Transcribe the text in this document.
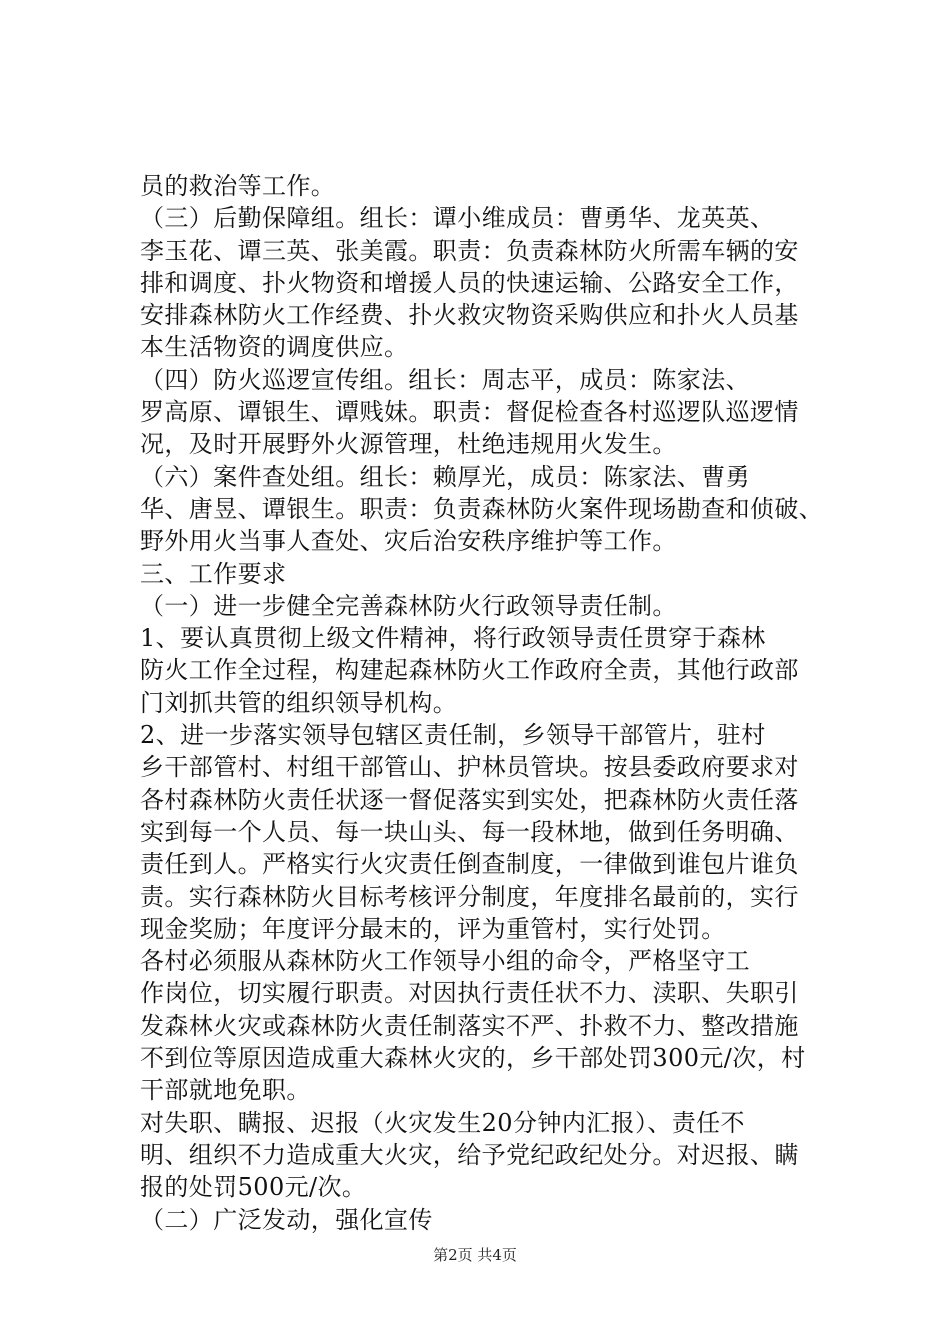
员的救治等工作。
（三）后勤保障组。组长：谭小维成员：曹勇华、龙英英、
李玉花、谭三英、张美霞。职责：负责森林防火所需车辆的安
排和调度、扑火物资和增援人员的快速运输、公路安全工作，
安排森林防火工作经费、扑火救灾物资采购供应和扑火人员基
本生活物资的调度供应。
（四）防火巡逻宣传组。组长：周志平，成员：陈家法、
罗高原、谭银生、谭贱妹。职责：督促检查各村巡逻队巡逻情
况，及时开展野外火源管理，杜绝违规用火发生。
（六）案件查处组。组长：赖厚光，成员：陈家法、曹勇
华、唐昱、谭银生。职责：负责森林防火案件现场勘查和侦破、
野外用火当事人查处、灾后治安秩序维护等工作。
三、工作要求
（一）进一步健全完善森林防火行政领导责任制。
1、要认真贯彻上级文件精神，将行政领导责任贯穿于森林
防火工作全过程，构建起森林防火工作政府全责，其他行政部
门刘抓共管的组织领导机构。
2、进一步落实领导包辖区责任制，乡领导干部管片，驻村
乡干部管村、村组干部管山、护林员管块。按县委政府要求对
各村森林防火责任状逐一督促落实到实处，把森林防火责任落
实到每一个人员、每一块山头、每一段林地，做到任务明确、
责任到人。严格实行火灾责任倒查制度，一律做到谁包片谁负
责。实行森林防火目标考核评分制度，年度排名最前的，实行
现金奖励；年度评分最末的，评为重管村，实行处罚。
各村必须服从森林防火工作领导小组的命令，严格坚守工
作岗位，切实履行职责。对因执行责任状不力、渎职、失职引
发森林火灾或森林防火责任制落实不严、扑救不力、整改措施
不到位等原因造成重大森林火灾的，乡干部处罚300元/次，村
干部就地免职。
对失职、瞒报、迟报（火灾发生20分钟内汇报）、责任不
明、组织不力造成重大火灾，给予党纪政纪处分。对迟报、瞒
报的处罚500元/次。
（二）广泛发动，强化宣传
第2页 共4页
